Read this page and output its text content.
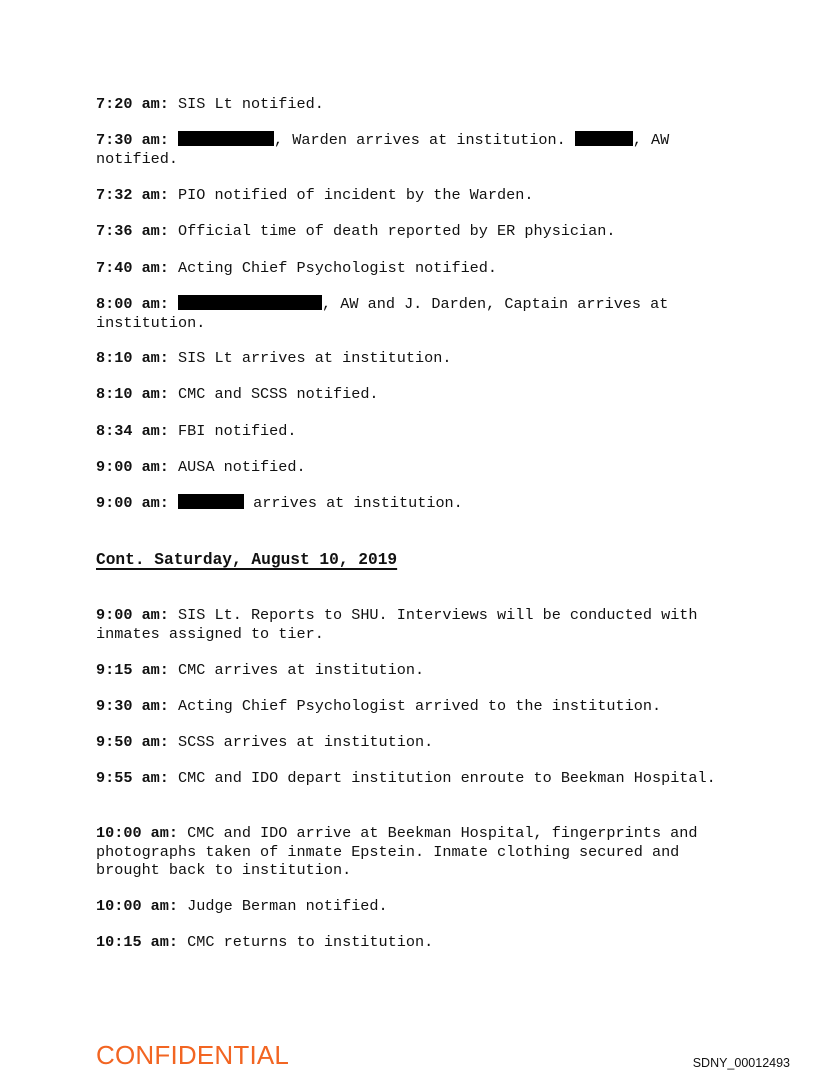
7:20 am: SIS Lt notified.

7:30 am:	, Warden arrives at institution.	, AW notified.

7:32 am: PIO notified of incident by the Warden.

7:36 am: Official time of death reported by ER physician.

7:40 am: Acting Chief Psychologist notified.

8:00 am:	, AW and J. Darden, Captain arrives at institution.

8:10 am: SIS Lt arrives at institution.

8:10 am: CMC and SCSS notified.

8:34 am: FBI notified.

9:00 am: AUSA notified.

9:00 am:	arrives at institution.

Cont. Saturday, August 10, 2019

9:00 am: SIS Lt. Reports to SHU. Interviews will be conducted with inmates assigned to tier.

9:15 am: CMC arrives at institution.

9:30 am: Acting Chief Psychologist arrived to the institution.

9:50 am: SCSS arrives at institution.

9:55 am: CMC and IDO depart institution enroute to Beekman Hospital.

10:00 am: CMC and IDO arrive at Beekman Hospital, fingerprints and photographs taken of inmate Epstein. Inmate clothing secured and brought back to institution.

10:00 am: Judge Berman notified.

10:15 am: CMC returns to institution.

CONFIDENTIAL	SDNY_00012493
